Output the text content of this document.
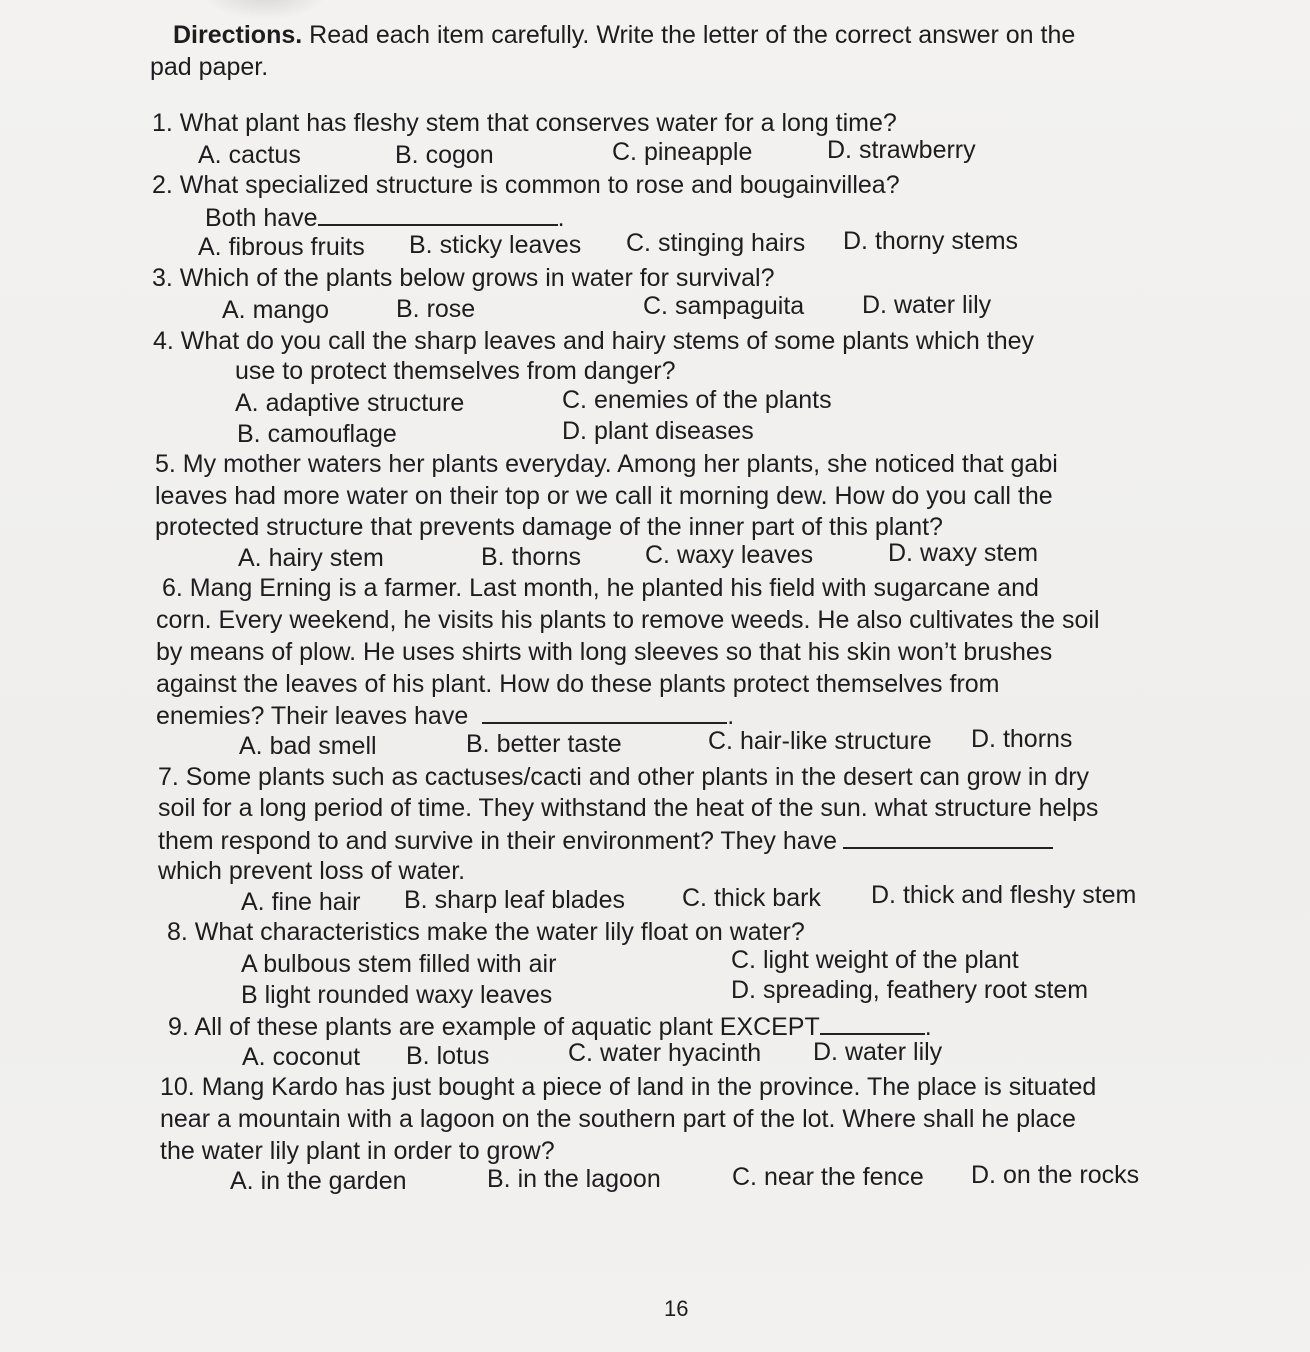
Directions. Read each item carefully. Write the letter of the correct answer on the
pad paper.
1. What plant has fleshy stem that conserves water for a long time?
A. cactus	B. cogon	C. pineapple	D. strawberry
2. What specialized structure is common to rose and bougainvillea?
Both have	.
A. fibrous fruits B. sticky leaves C. stinging hairs D. thorny stems
3. Which of the plants below grows in water for survival?
A. mango	B. rose	C. sampaguita D. water lily
4. What do you call the sharp leaves and hairy stems of some plants which they
use to protect themselves from danger?
A. adaptive structure	C. enemies of the plants
B. camouflage	D. plant diseases
5. My mother waters her plants everyday. Among her plants, she noticed that gabi
leaves had more water on their top or we call it morning dew. How do you call the
protected structure that prevents damage of the inner part of this plant?
A. hairy stem	B. thorns	C. waxy leaves	D. waxy stem
6. Mang Erning is a farmer. Last month, he planted his field with sugarcane and
corn. Every weekend, he visits his plants to remove weeds. He also cultivates the soil
by means of plow. He uses shirts with long sleeves so that his skin won’t brushes
against the leaves of his plant. How do these plants protect themselves from
enemies? Their leaves have	.
A. bad smell	B. better taste	C. hair-like structure D. thorns
7. Some plants such as cactuses/cacti and other plants in the desert can grow in dry
soil for a long period of time. They withstand the heat of the sun. what structure helps
them respond to and survive in their environment? They have
which prevent loss of water.
A. fine hair B. sharp leaf blades C. thick bark D. thick and fleshy stem
8. What characteristics make the water lily float on water?
A bulbous stem filled with air	C. light weight of the plant
B light rounded waxy leaves	D. spreading, feathery root stem
9. All of these plants are example of aquatic plant EXCEPT	.
A. coconut B. lotus	C. water hyacinth D. water lily
10. Mang Kardo has just bought a piece of land in the province. The place is situated
near a mountain with a lagoon on the southern part of the lot. Where shall he place
the water lily plant in order to grow?
A. in the garden	B. in the lagoon	C. near the fence D. on the rocks
16
